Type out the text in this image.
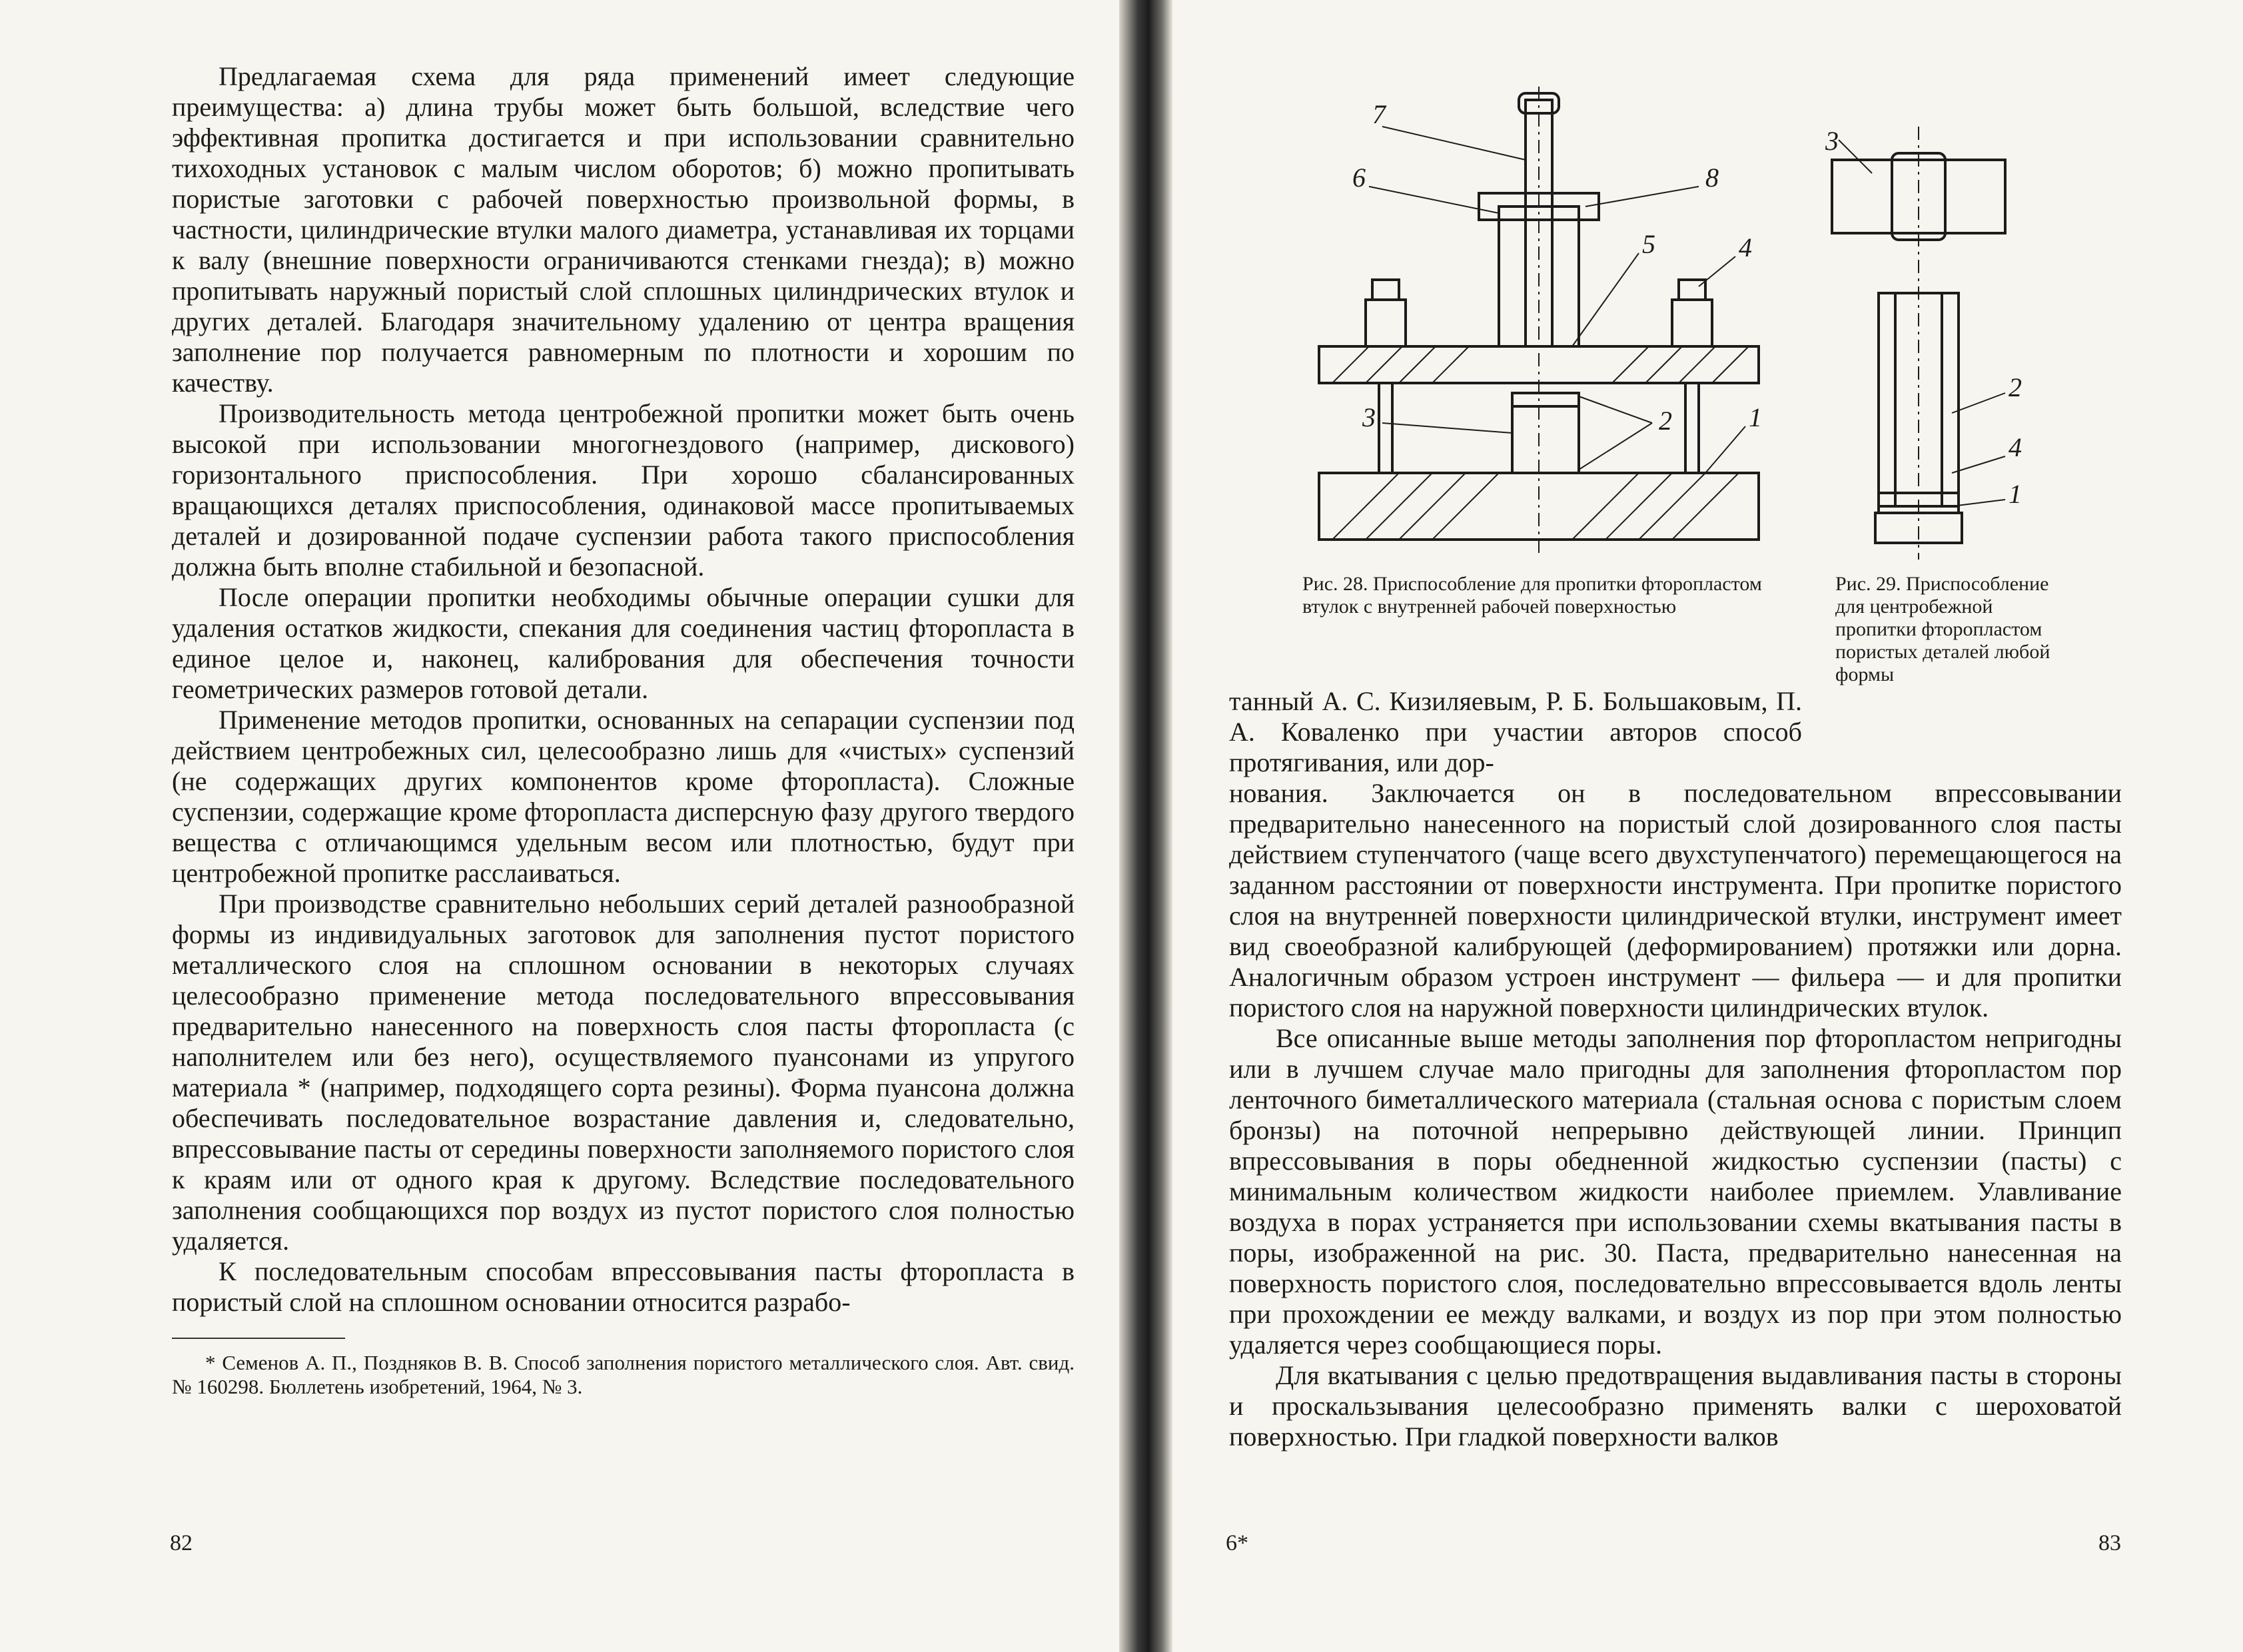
Предлагаемая схема для ряда применений имеет следующие преимущества: а) длина трубы может быть большой, вследствие чего эффективная пропитка достигается и при использовании сравнительно тихоходных установок с малым числом оборотов; б) можно пропитывать пористые заготовки с рабочей поверхностью произвольной формы, в частности, цилиндрические втулки малого диаметра, устанавливая их торцами к валу (внешние поверхности ограничиваются стенками гнезда); в) можно пропитывать наружный пористый слой сплошных цилиндрических втулок и других деталей. Благодаря значительному удалению от центра вращения заполнение пор получается равномерным по плотности и хорошим по качеству.

Производительность метода центробежной пропитки может быть очень высокой при использовании многогнездового (например, дискового) горизонтального приспособления. При хорошо сбалансированных вращающихся деталях приспособления, одинаковой массе пропитываемых деталей и дозированной подаче суспензии работа такого приспособления должна быть вполне стабильной и безопасной.

После операции пропитки необходимы обычные операции сушки для удаления остатков жидкости, спекания для соединения частиц фторопласта в единое целое и, наконец, калибрования для обеспечения точности геометрических размеров готовой детали.

Применение методов пропитки, основанных на сепарации суспензии под действием центробежных сил, целесообразно лишь для «чистых» суспензий (не содержащих других компонентов кроме фторопласта). Сложные суспензии, содержащие кроме фторопласта дисперсную фазу другого твердого вещества с отличающимся удельным весом или плотностью, будут при центробежной пропитке расслаиваться.

При производстве сравнительно небольших серий деталей разнообразной формы из индивидуальных заготовок для заполнения пустот пористого металлического слоя на сплошном основании в некоторых случаях целесообразно применение метода последовательного впрессовывания предварительно нанесенного на поверхность слоя пасты фторопласта (с наполнителем или без него), осуществляемого пуансонами из упругого материала * (например, подходящего сорта резины). Форма пуансона должна обеспечивать последовательное возрастание давления и, следовательно, впрессовывание пасты от середины поверхности заполняемого пористого слоя к краям или от одного края к другому. Вследствие последовательного заполнения сообщающихся пор воздух из пустот пористого слоя полностью удаляется.

К последовательным способам впрессовывания пасты фторопласта в пористый слой на сплошном основании относится разрабо-

* Семенов А. П., Поздняков В. В. Способ заполнения пористого металлического слоя. Авт. свид. № 160298. Бюллетень изобретений, 1964, № 3.

82
7
6	8
5	4
3	2	1
Рис. 28. Приспособление для пропитки фторопластом втулок с внутренней рабочей поверхностью
3
2
4
1
Рис. 29. Приспособление для центробежной пропитки фторопластом пористых деталей любой формы

танный А. С. Кизиляевым, Р. Б. Большаковым, П. А. Коваленко при участии авторов способ протягивания, или дор-

нования. Заключается он в последовательном впрессовывании предварительно нанесенного на пористый слой дозированного слоя пасты действием ступенчатого (чаще всего двухступенчатого) перемещающегося на заданном расстоянии от поверхности инструмента. При пропитке пористого слоя на внутренней поверхности цилиндрической втулки, инструмент имеет вид своеобразной калибрующей (деформированием) протяжки или дорна. Аналогичным образом устроен инструмент — фильера — и для пропитки пористого слоя на наружной поверхности цилиндрических втулок.

Все описанные выше методы заполнения пор фторопластом непригодны или в лучшем случае мало пригодны для заполнения фторопластом пор ленточного биметаллического материала (стальная основа с пористым слоем бронзы) на поточной непрерывно действующей линии. Принцип впрессовывания в поры обедненной жидкостью суспензии (пасты) с минимальным количеством жидкости наиболее приемлем. Улавливание воздуха в порах устраняется при использовании схемы вкатывания пасты в поры, изображенной на рис. 30. Паста, предварительно нанесенная на поверхность пористого слоя, последовательно впрессовывается вдоль ленты при прохождении ее между валками, и воздух из пор при этом полностью удаляется через сообщающиеся поры.

Для вкатывания с целью предотвращения выдавливания пасты в стороны и проскальзывания целесообразно применять валки с шероховатой поверхностью. При гладкой поверхности валков

6*	83
